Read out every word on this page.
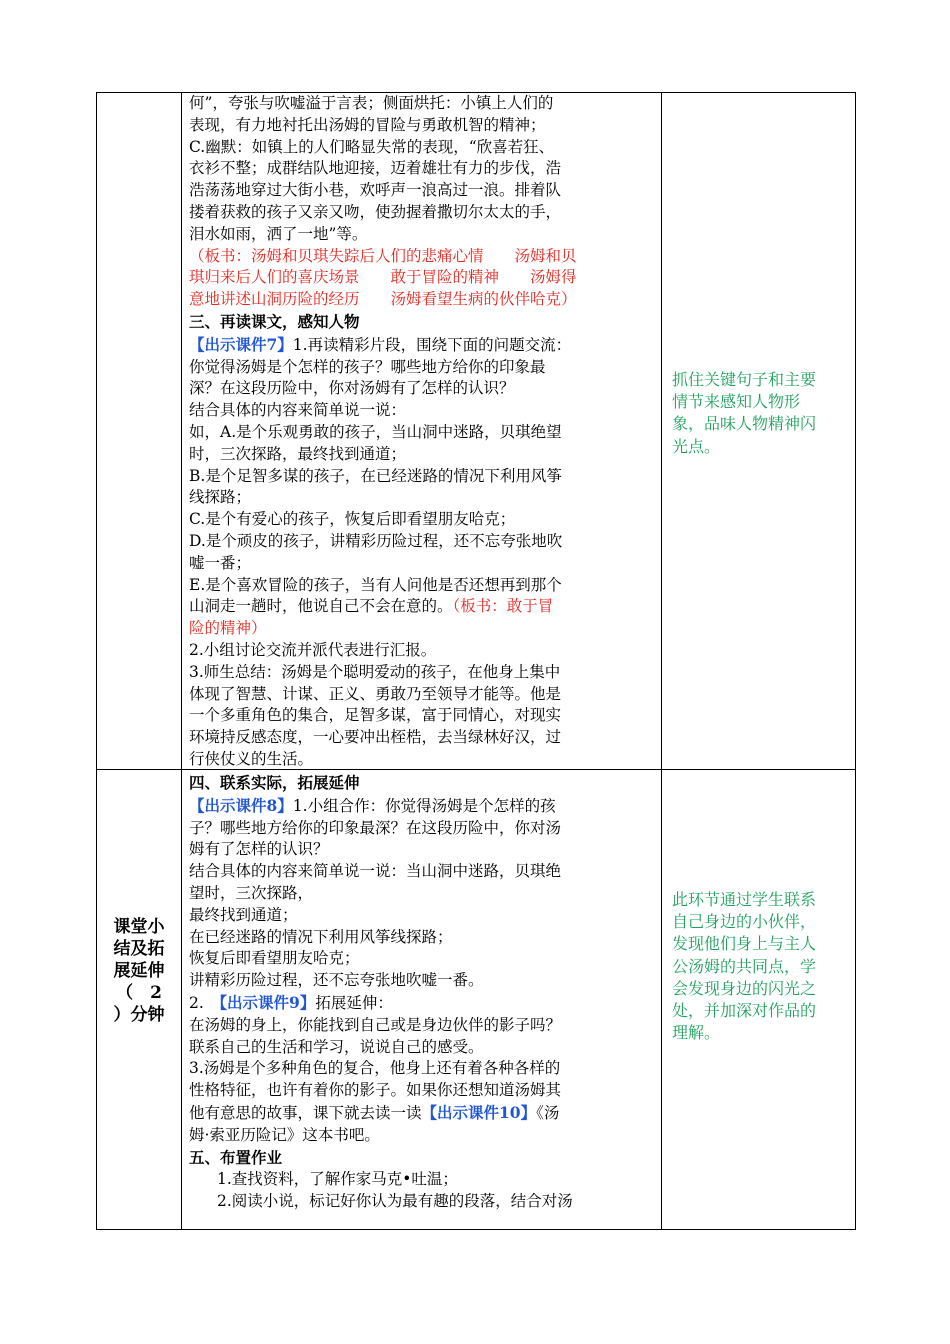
何”，夸张与吹嘘溢于言表；侧面烘托：小镇上人们的

表现，有力地衬托出汤姆的冒险与勇敢机智的精神；

C.幽默：如镇上的人们略显失常的表现，“欣喜若狂、

衣衫不整；成群结队地迎接，迈着雄壮有力的步伐，浩

浩荡荡地穿过大街小巷，欢呼声一浪高过一浪。排着队

搂着获救的孩子又亲又吻，使劲握着撒切尔太太的手，

泪水如雨，洒了一地”等。

（板书：汤姆和贝琪失踪后人们的悲痛心情　　汤姆和贝

琪归来后人们的喜庆场景　　敢于冒险的精神　　汤姆得

意地讲述山洞历险的经历　　汤姆看望生病的伙伴哈克）

三、再读课文，感知人物

【出示课件7】1.再读精彩片段，围绕下面的问题交流：

你觉得汤姆是个怎样的孩子？哪些地方给你的印象最

深？在这段历险中，你对汤姆有了怎样的认识？

结合具体的内容来简单说一说：

如，A.是个乐观勇敢的孩子，当山洞中迷路，贝琪绝望

时，三次探路，最终找到通道；

B.是个足智多谋的孩子，在已经迷路的情况下利用风筝

线探路；

C.是个有爱心的孩子，恢复后即看望朋友哈克；

D.是个顽皮的孩子，讲精彩历险过程，还不忘夸张地吹

嘘一番；

E.是个喜欢冒险的孩子，当有人问他是否还想再到那个

山洞走一趟时，他说自己不会在意的。（板书：敢于冒

险的精神）

2.小组讨论交流并派代表进行汇报。

3.师生总结：汤姆是个聪明爱动的孩子，在他身上集中

体现了智慧、计谋、正义、勇敢乃至领导才能等。他是

一个多重角色的集合，足智多谋，富于同情心，对现实

环境持反感态度，一心要冲出桎梏，去当绿林好汉，过

行侠仗义的生活。

抓住关键句子和主要
情节来感知人物形
象，品味人物精神闪
光点。
课堂小
结及拓
展延伸
（　2
）分钟

四、联系实际，拓展延伸

【出示课件8】1.小组合作：你觉得汤姆是个怎样的孩

子？哪些地方给你的印象最深？在这段历险中，你对汤

姆有了怎样的认识？

结合具体的内容来简单说一说：当山洞中迷路，贝琪绝

望时，三次探路，

最终找到通道；

在已经迷路的情况下利用风筝线探路；

恢复后即看望朋友哈克；

讲精彩历险过程，还不忘夸张地吹嘘一番。

2.　【出示课件9】拓展延伸：

在汤姆的身上，你能找到自己或是身边伙伴的影子吗？

联系自己的生活和学习，说说自己的感受。

3.汤姆是个多种角色的复合，他身上还有着各种各样的

性格特征，也许有着你的影子。如果你还想知道汤姆其

他有意思的故事，课下就去读一读【出示课件10】《汤

姆·索亚历险记》这本书吧。

五、布置作业

1.查找资料，了解作家马克•吐温；

2.阅读小说，标记好你认为最有趣的段落，结合对汤

此环节通过学生联系
自己身边的小伙伴，
发现他们身上与主人
公汤姆的共同点，学
会发现身边的闪光之
处，并加深对作品的
理解。
